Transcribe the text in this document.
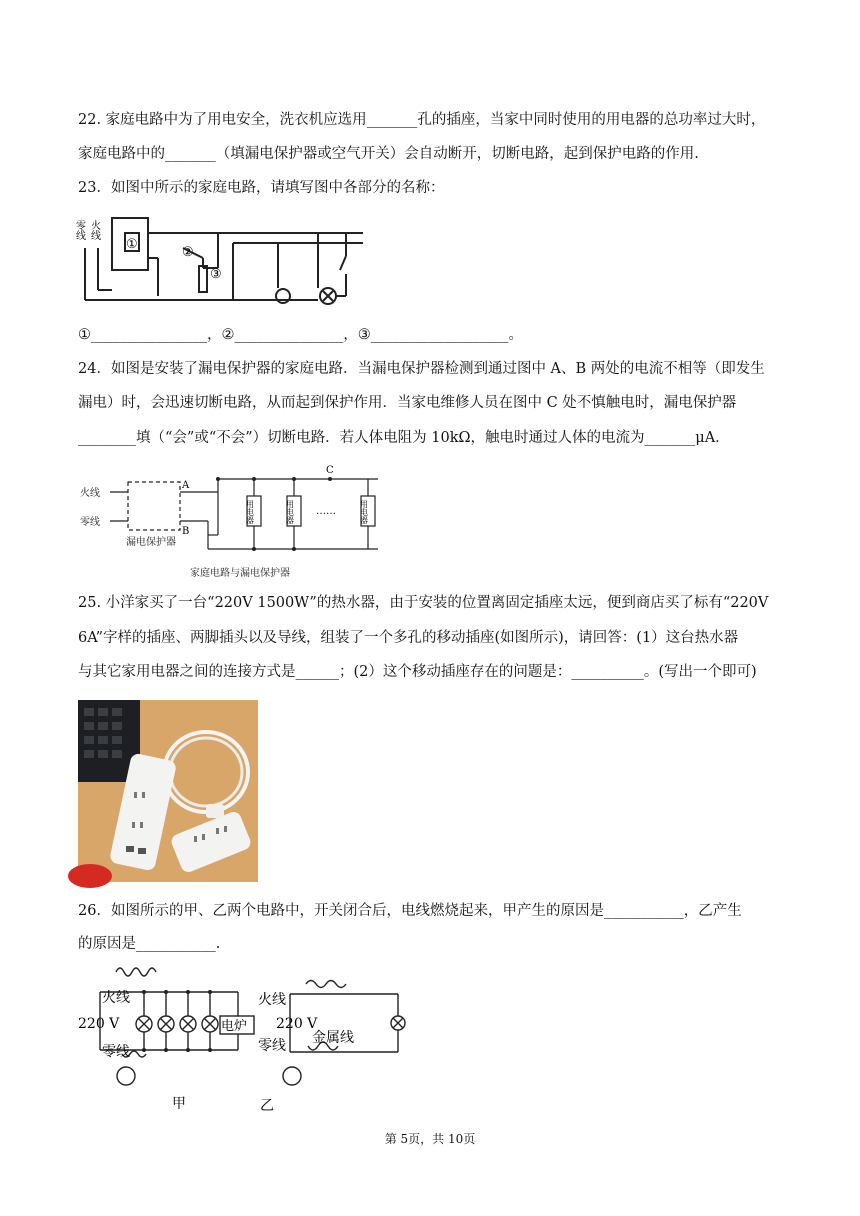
22. 家庭电路中为了用电安全，洗衣机应选用_______孔的插座，当家中同时使用的用电器的总功率过大时，
家庭电路中的_______（填漏电保护器或空气开关）会自动断开，切断电路，起到保护电路的作用.
23．如图中所示的家庭电路，请填写图中各部分的名称：
零线 火线
①
②
③
①________________，②_______________，③___________________。
24．如图是安装了漏电保护器的家庭电路．当漏电保护器检测到通过图中 A、B 两处的电流不相等（即发生
漏电）时，会迅速切断电路，从而起到保护作用．当家电维修人员在图中 C 处不慎触电时，漏电保护器
________填（“会”或“不会”）切断电路．若人体电阻为 10kΩ，触电时通过人体的电流为_______μA．
火线
零线
A
B
C
漏电保护器
用电器	用电器	用电器
……
家庭电路与漏电保护器
25. 小洋家买了一台“220V 1500W”的热水器，由于安装的位置离固定插座太远，便到商店买了标有“220V
6A”字样的插座、两脚插头以及导线，组装了一个多孔的移动插座(如图所示)，请回答：(1）这台热水器
与其它家用电器之间的连接方式是______；(2）这个移动插座存在的问题是：__________。(写出一个即可)
26．如图所示的甲、乙两个电路中，开关闭合后，电线燃烧起来，甲产生的原因是___________，乙产生
的原因是___________.
火线
220 V
零线
电炉
甲
火线
220 V
零线 金属线
乙
第 5页，共 10页
